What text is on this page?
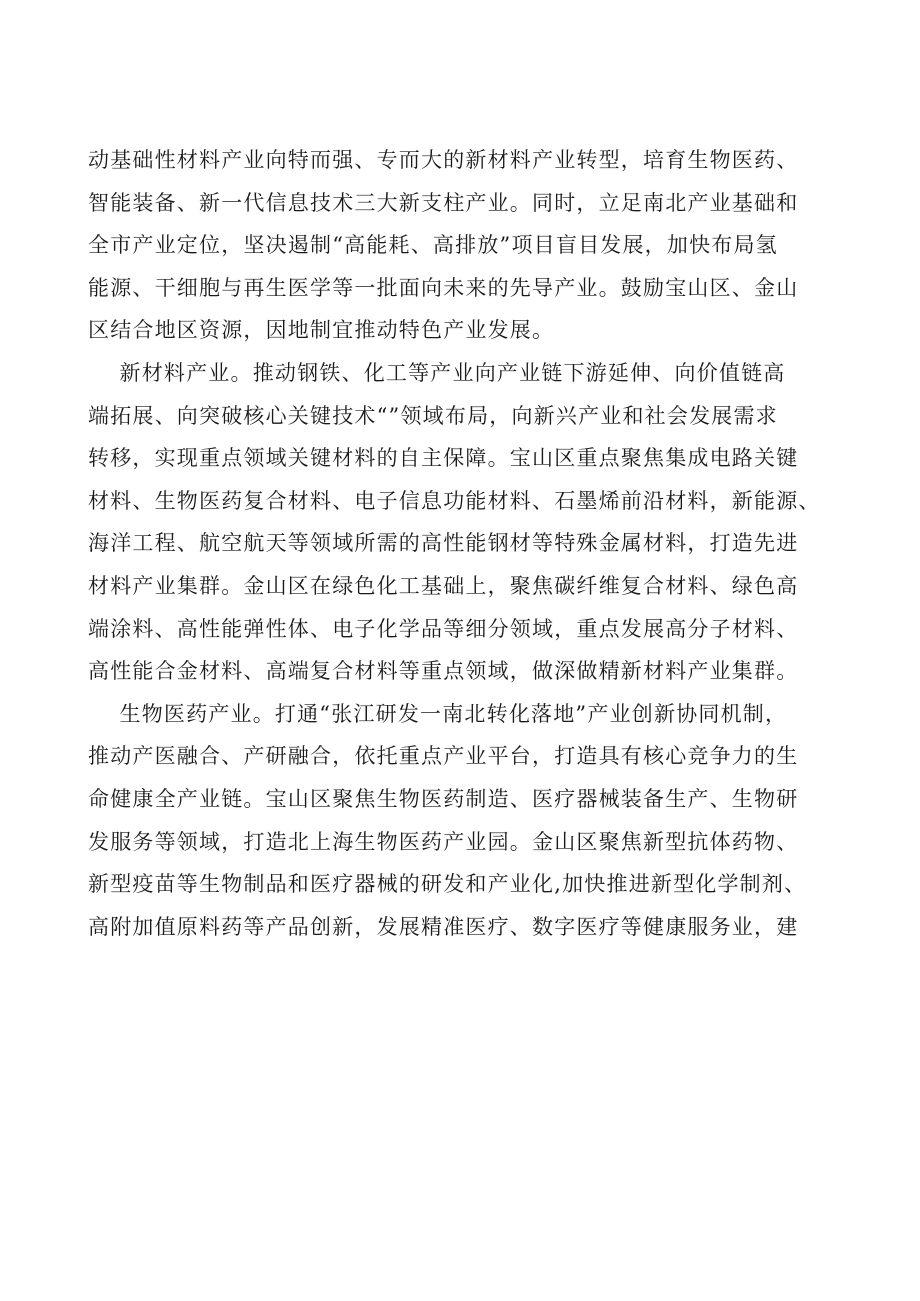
动基础性材料产业向特而强、专而大的新材料产业转型，培育生物医药、
智能装备、新一代信息技术三大新支柱产业。同时，立足南北产业基础和
全市产业定位，坚决遏制“高能耗、高排放”项目盲目发展，加快布局氢
能源、干细胞与再生医学等一批面向未来的先导产业。鼓励宝山区、金山
区结合地区资源，因地制宜推动特色产业发展。
新材料产业。推动钢铁、化工等产业向产业链下游延伸、向价值链高
端拓展、向突破核心关键技术“”领域布局，向新兴产业和社会发展需求
转移，实现重点领域关键材料的自主保障。宝山区重点聚焦集成电路关键
材料、生物医药复合材料、电子信息功能材料、石墨烯前沿材料，新能源、
海洋工程、航空航天等领域所需的高性能钢材等特殊金属材料，打造先进
材料产业集群。金山区在绿色化工基础上，聚焦碳纤维复合材料、绿色高
端涂料、高性能弹性体、电子化学品等细分领域，重点发展高分子材料、
高性能合金材料、高端复合材料等重点领域，做深做精新材料产业集群。
生物医药产业。打通“张江研发一南北转化落地”产业创新协同机制，
推动产医融合、产研融合，依托重点产业平台，打造具有核心竞争力的生
命健康全产业链。宝山区聚焦生物医药制造、医疗器械装备生产、生物研
发服务等领域，打造北上海生物医药产业园。金山区聚焦新型抗体药物、
新型疫苗等生物制品和医疗器械的研发和产业化,加快推进新型化学制剂、
高附加值原料药等产品创新，发展精准医疗、数字医疗等健康服务业，建
